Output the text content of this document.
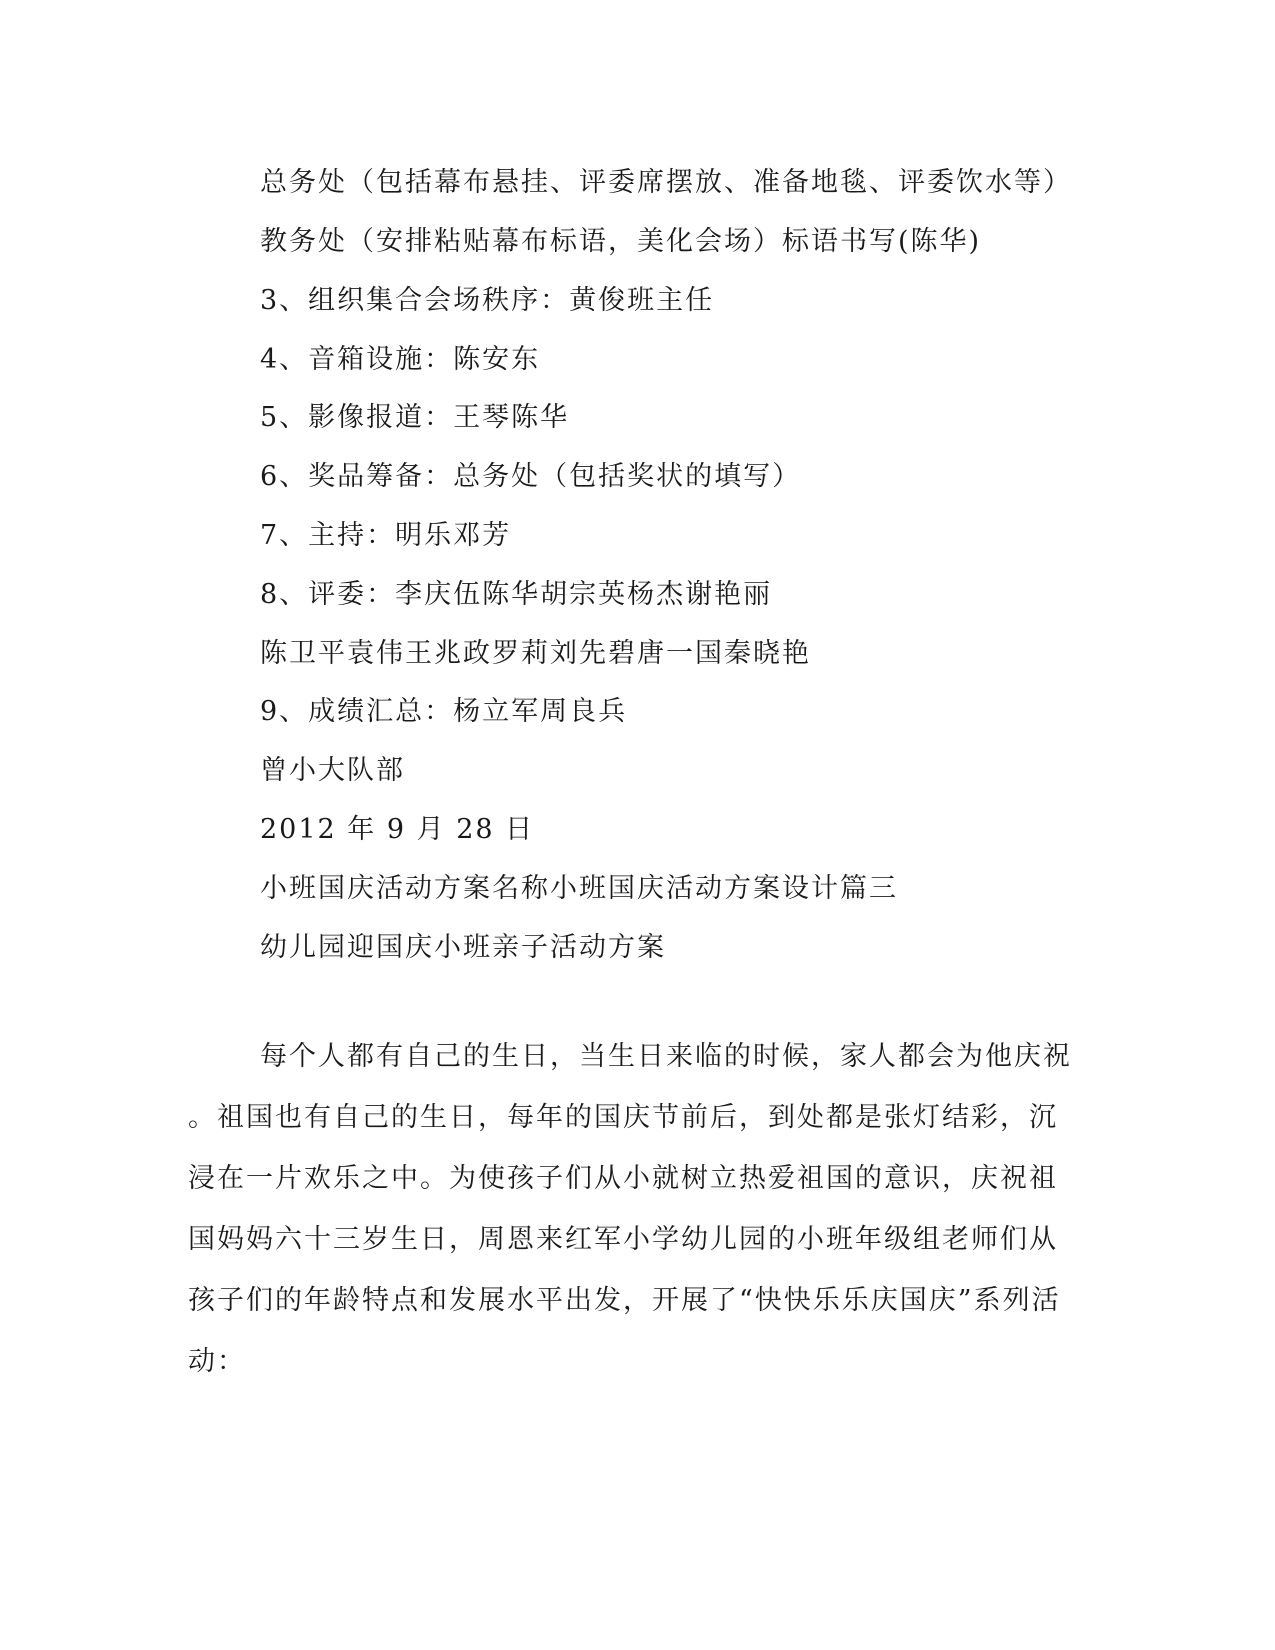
总务处（包括幕布悬挂、评委席摆放、准备地毯、评委饮水等）
教务处（安排粘贴幕布标语，美化会场）标语书写(陈华)
3、组织集合会场秩序：黄俊班主任
4、音箱设施：陈安东
5、影像报道：王琴陈华
6、奖品筹备：总务处（包括奖状的填写）
7、主持：明乐邓芳
8、评委：李庆伍陈华胡宗英杨杰谢艳丽
陈卫平袁伟王兆政罗莉刘先碧唐一国秦晓艳
9、成绩汇总：杨立军周良兵
曾小大队部
2012 年 9 月 28 日
小班国庆活动方案名称小班国庆活动方案设计篇三
幼儿园迎国庆小班亲子活动方案
每个人都有自己的生日，当生日来临的时候，家人都会为他庆祝
。祖国也有自己的生日，每年的国庆节前后，到处都是张灯结彩，沉
浸在一片欢乐之中。为使孩子们从小就树立热爱祖国的意识，庆祝祖
国妈妈六十三岁生日，周恩来红军小学幼儿园的小班年级组老师们从
孩子们的年龄特点和发展水平出发，开展了“快快乐乐庆国庆”系列活
动：
